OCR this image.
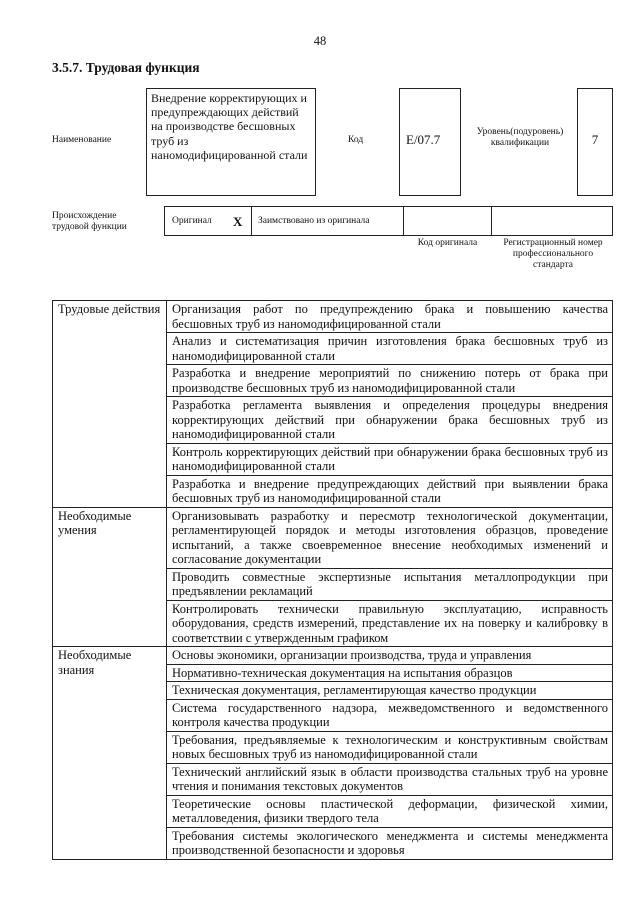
48
3.5.7. Трудовая функция
Наименование
Внедрение корректирующих и предупреждающих действий на производстве бесшовных труб из наномодифицированной стали
Код	E/07.7	Уровень(подуровень) квалификации	7
Происхождение трудовой функции
Оригинал X Заимствовано из оригинала
Код оригинала	Регистрационный номер профессионального стандарта
Трудовые действия	Организация работ по предупреждению брака и повышению качества бесшовных труб из наномодифицированной стали
	Анализ и систематизация причин изготовления брака бесшовных труб из наномодифицированной стали
	Разработка и внедрение мероприятий по снижению потерь от брака при производстве бесшовных труб из наномодифицированной стали
	Разработка регламента выявления и определения процедуры внедрения корректирующих действий при обнаружении брака бесшовных труб из наномодифицированной стали
	Контроль корректирующих действий при обнаружении брака бесшовных труб из наномодифицированной стали
	Разработка и внедрение предупреждающих действий при выявлении брака бесшовных труб из наномодифицированной стали
Необходимые умения	Организовывать разработку и пересмотр технологической документации, регламентирующей порядок и методы изготовления образцов, проведение испытаний, а также своевременное внесение необходимых изменений и согласование документации
	Проводить совместные экспертизные испытания металлопродукции при предъявлении рекламаций
	Контролировать технически правильную эксплуатацию, исправность оборудования, средств измерений, представление их на поверку и калибровку в соответствии с утвержденным графиком
Необходимые знания	Основы экономики, организации производства, труда и управления
	Нормативно-техническая документация на испытания образцов
	Техническая документация, регламентирующая качество продукции
	Система государственного надзора, межведомственного и ведомственного контроля качества продукции
	Требования, предъявляемые к технологическим и конструктивным свойствам новых бесшовных труб из наномодифицированной стали
	Технический английский язык в области производства стальных труб на уровне чтения и понимания текстовых документов
	Теоретические основы пластической деформации, физической химии, металловедения, физики твердого тела
	Требования системы экологического менеджмента и системы менеджмента производственной безопасности и здоровья
